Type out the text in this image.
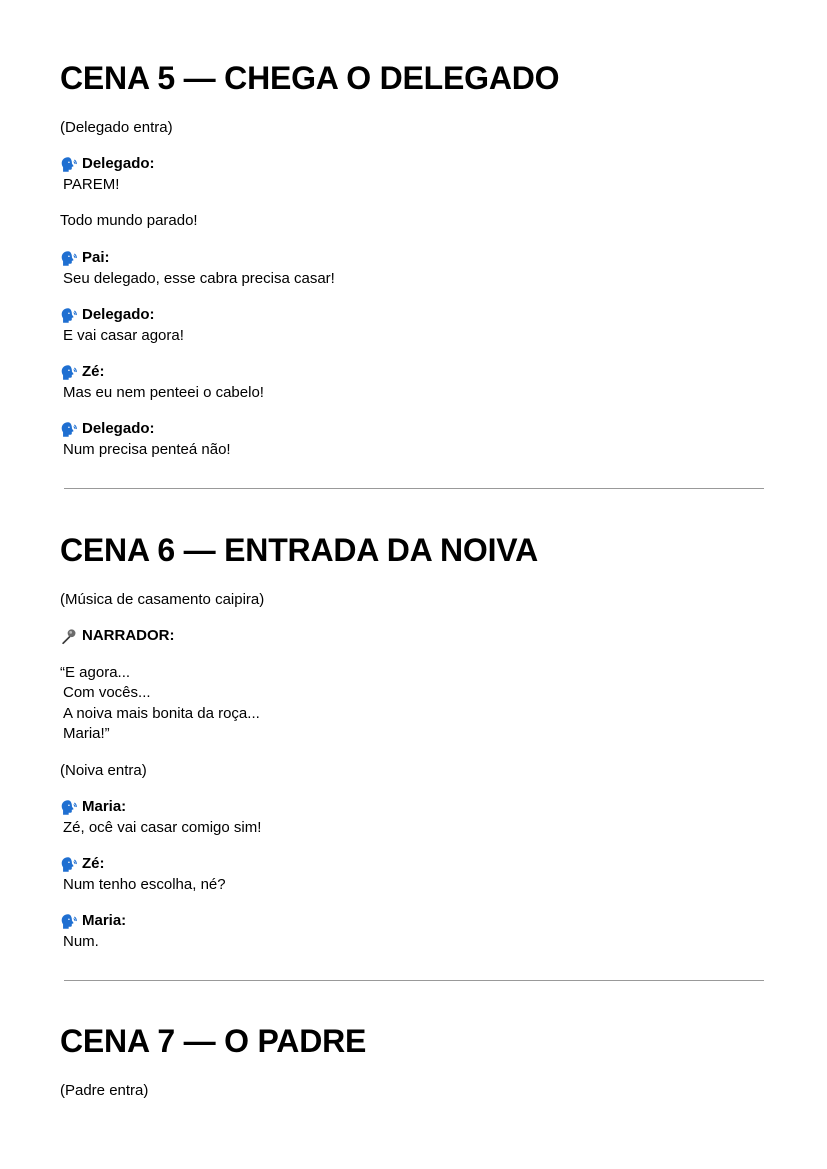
CENA 5 — CHEGA O DELEGADO
(Delegado entra)
Delegado:
PAREM!
Todo mundo parado!
Pai:
Seu delegado, esse cabra precisa casar!
Delegado:
E vai casar agora!
Zé:
Mas eu nem penteei o cabelo!
Delegado:
Num precisa penteá não!
CENA 6 — ENTRADA DA NOIVA
(Música de casamento caipira)
NARRADOR:
“E agora...
Com vocês...
A noiva mais bonita da roça...
Maria!”
(Noiva entra)
Maria:
Zé, ocê vai casar comigo sim!
Zé:
Num tenho escolha, né?
Maria:
Num.
CENA 7 — O PADRE
(Padre entra)
